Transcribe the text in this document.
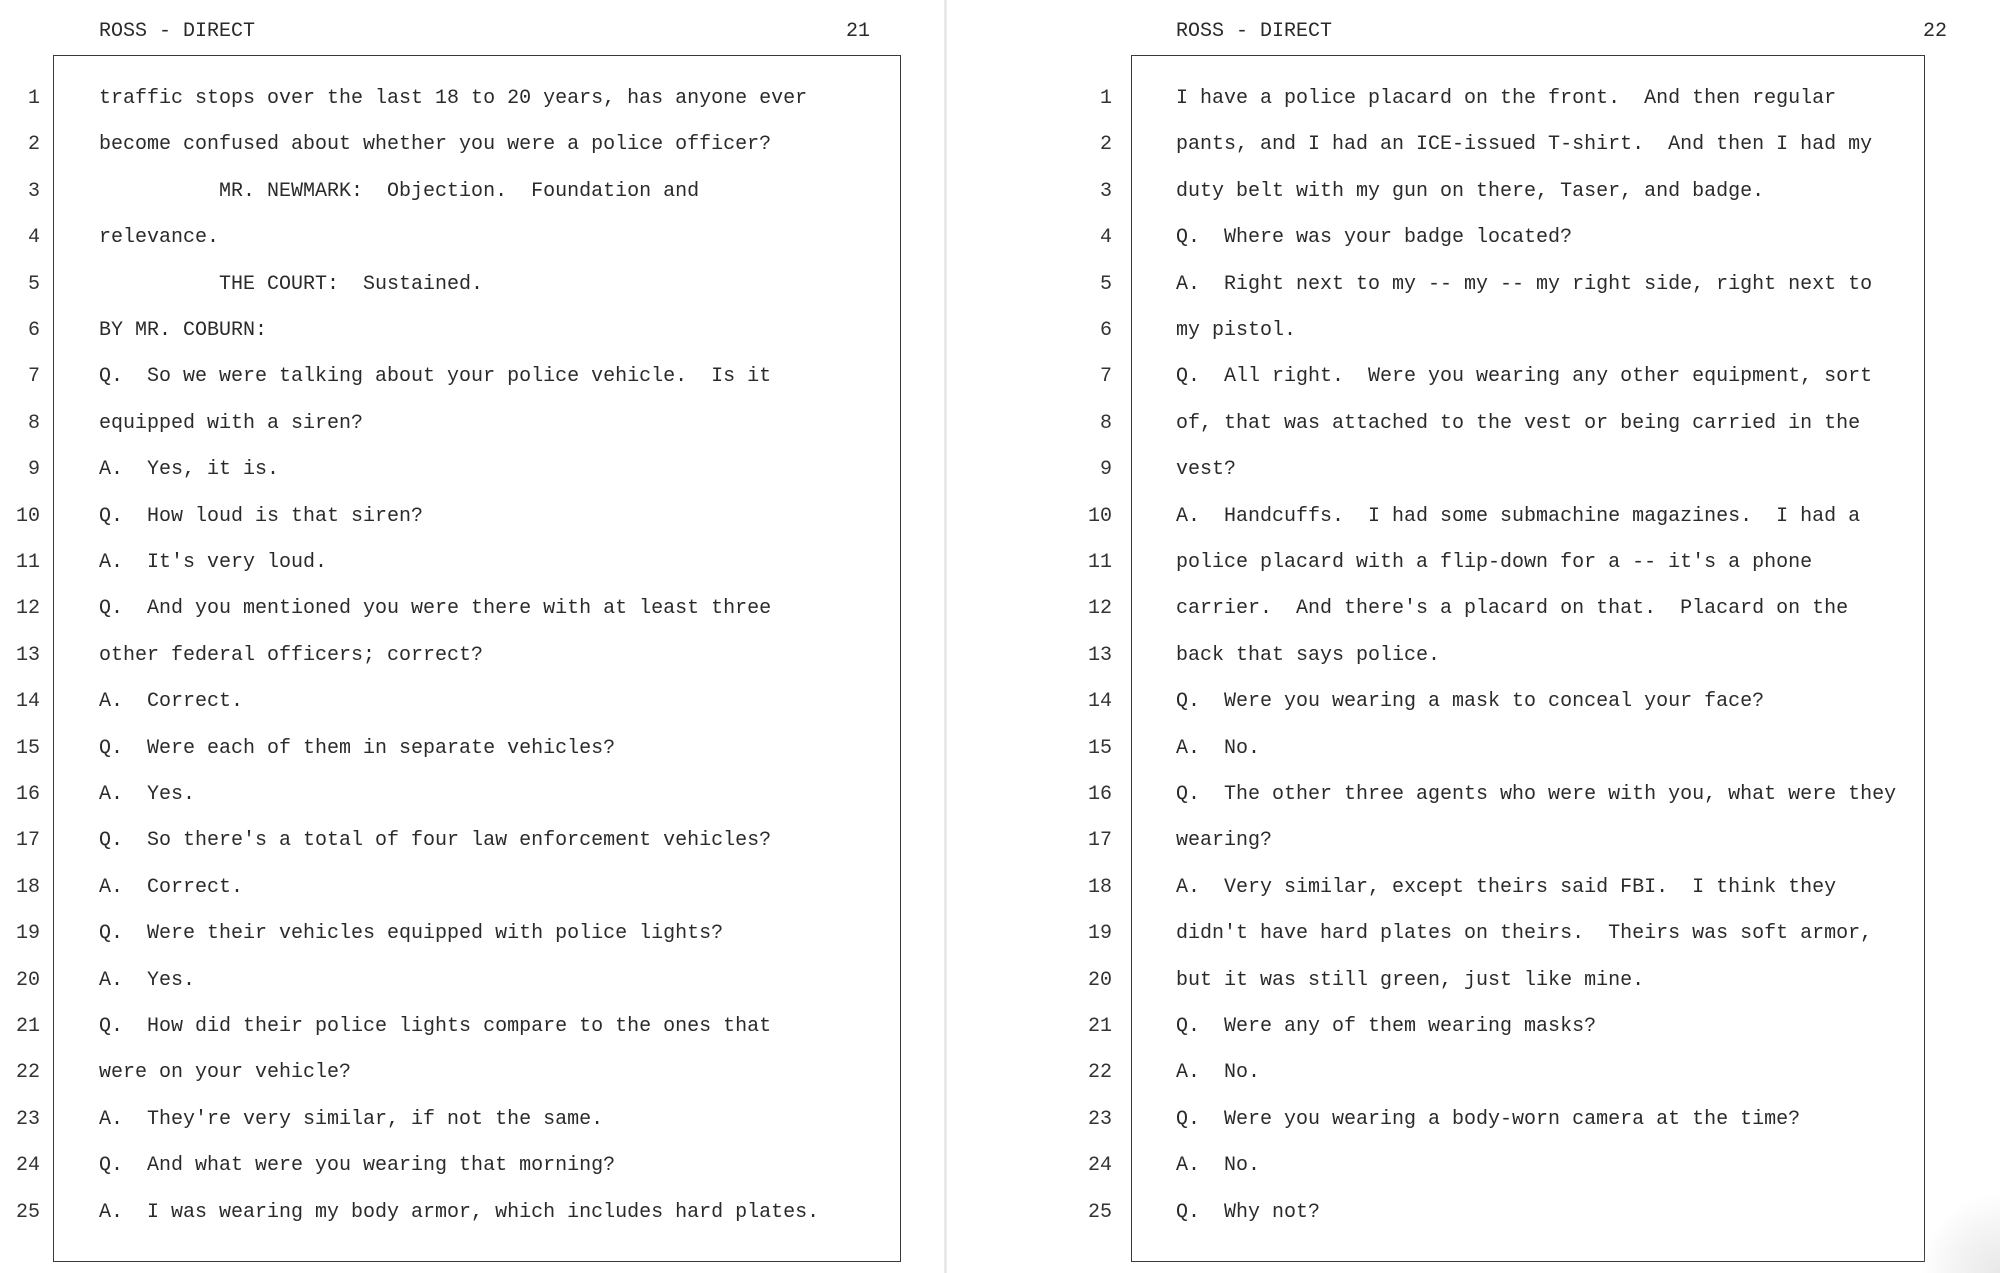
ROSS - DIRECT	21
1	traffic stops over the last 18 to 20 years, has anyone ever
2	become confused about whether you were a police officer?
3	MR. NEWMARK:  Objection.  Foundation and
4	relevance.
5	THE COURT:  Sustained.
6	BY MR. COBURN:
7	Q.  So we were talking about your police vehicle.  Is it
8	equipped with a siren?
9	A.  Yes, it is.
10	Q.  How loud is that siren?
11	A.  It's very loud.
12	Q.  And you mentioned you were there with at least three
13	other federal officers; correct?
14	A.  Correct.
15	Q.  Were each of them in separate vehicles?
16	A.  Yes.
17	Q.  So there's a total of four law enforcement vehicles?
18	A.  Correct.
19	Q.  Were their vehicles equipped with police lights?
20	A.  Yes.
21	Q.  How did their police lights compare to the ones that
22	were on your vehicle?
23	A.  They're very similar, if not the same.
24	Q.  And what were you wearing that morning?
25	A.  I was wearing my body armor, which includes hard plates.
ROSS - DIRECT	22
1	I have a police placard on the front.  And then regular
2	pants, and I had an ICE-issued T-shirt.  And then I had my
3	duty belt with my gun on there, Taser, and badge.
4	Q.  Where was your badge located?
5	A.  Right next to my -- my -- my right side, right next to
6	my pistol.
7	Q.  All right.  Were you wearing any other equipment, sort
8	of, that was attached to the vest or being carried in the
9	vest?
10	A.  Handcuffs.  I had some submachine magazines.  I had a
11	police placard with a flip-down for a -- it's a phone
12	carrier.  And there's a placard on that.  Placard on the
13	back that says police.
14	Q.  Were you wearing a mask to conceal your face?
15	A.  No.
16	Q.  The other three agents who were with you, what were they
17	wearing?
18	A.  Very similar, except theirs said FBI.  I think they
19	didn't have hard plates on theirs.  Theirs was soft armor,
20	but it was still green, just like mine.
21	Q.  Were any of them wearing masks?
22	A.  No.
23	Q.  Were you wearing a body-worn camera at the time?
24	A.  No.
25	Q.  Why not?
